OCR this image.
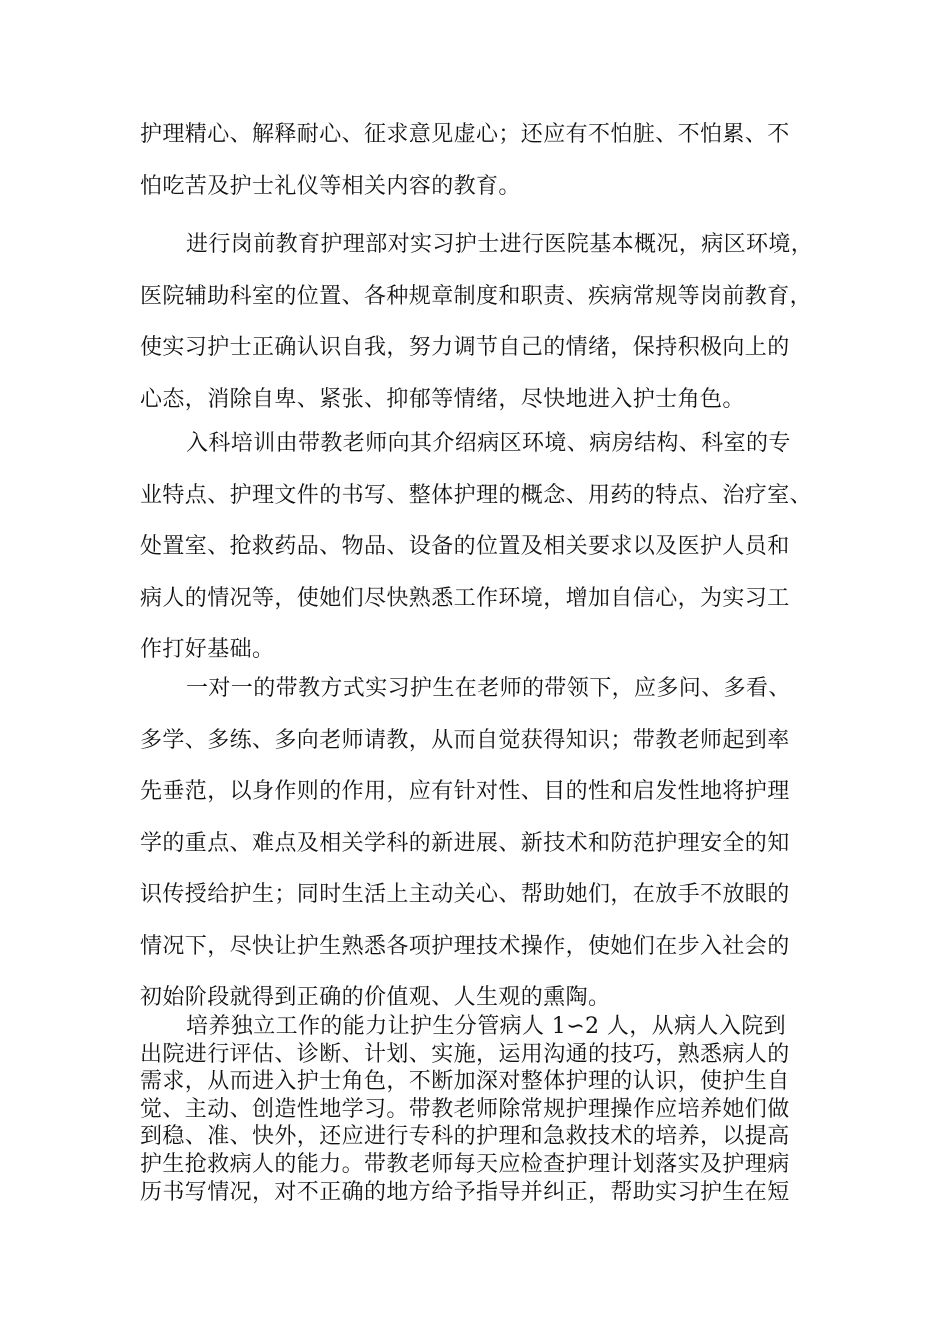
护理精心、解释耐心、征求意见虚心；还应有不怕脏、不怕累、不

怕吃苦及护士礼仪等相关内容的教育。

进行岗前教育护理部对实习护士进行医院基本概况，病区环境，

医院辅助科室的位置、各种规章制度和职责、疾病常规等岗前教育，

使实习护士正确认识自我，努力调节自己的情绪，保持积极向上的

心态，消除自卑、紧张、抑郁等情绪，尽快地进入护士角色。

入科培训由带教老师向其介绍病区环境、病房结构、科室的专

业特点、护理文件的书写、整体护理的概念、用药的特点、治疗室、

处置室、抢救药品、物品、设备的位置及相关要求以及医护人员和

病人的情况等，使她们尽快熟悉工作环境，增加自信心，为实习工

作打好基础。

一对一的带教方式实习护生在老师的带领下，应多问、多看、

多学、多练、多向老师请教，从而自觉获得知识；带教老师起到率

先垂范，以身作则的作用，应有针对性、目的性和启发性地将护理

学的重点、难点及相关学科的新进展、新技术和防范护理安全的知

识传授给护生；同时生活上主动关心、帮助她们，在放手不放眼的

情况下，尽快让护生熟悉各项护理技术操作，使她们在步入社会的

初始阶段就得到正确的价值观、人生观的熏陶。

培养独立工作的能力让护生分管病人 1∽2 人，从病人入院到

出院进行评估、诊断、计划、实施，运用沟通的技巧，熟悉病人的

需求，从而进入护士角色，不断加深对整体护理的认识，使护生自

觉、主动、创造性地学习。带教老师除常规护理操作应培养她们做

到稳、准、快外，还应进行专科的护理和急救技术的培养，以提高

护生抢救病人的能力。带教老师每天应检查护理计划落实及护理病

历书写情况，对不正确的地方给予指导并纠正，帮助实习护生在短
